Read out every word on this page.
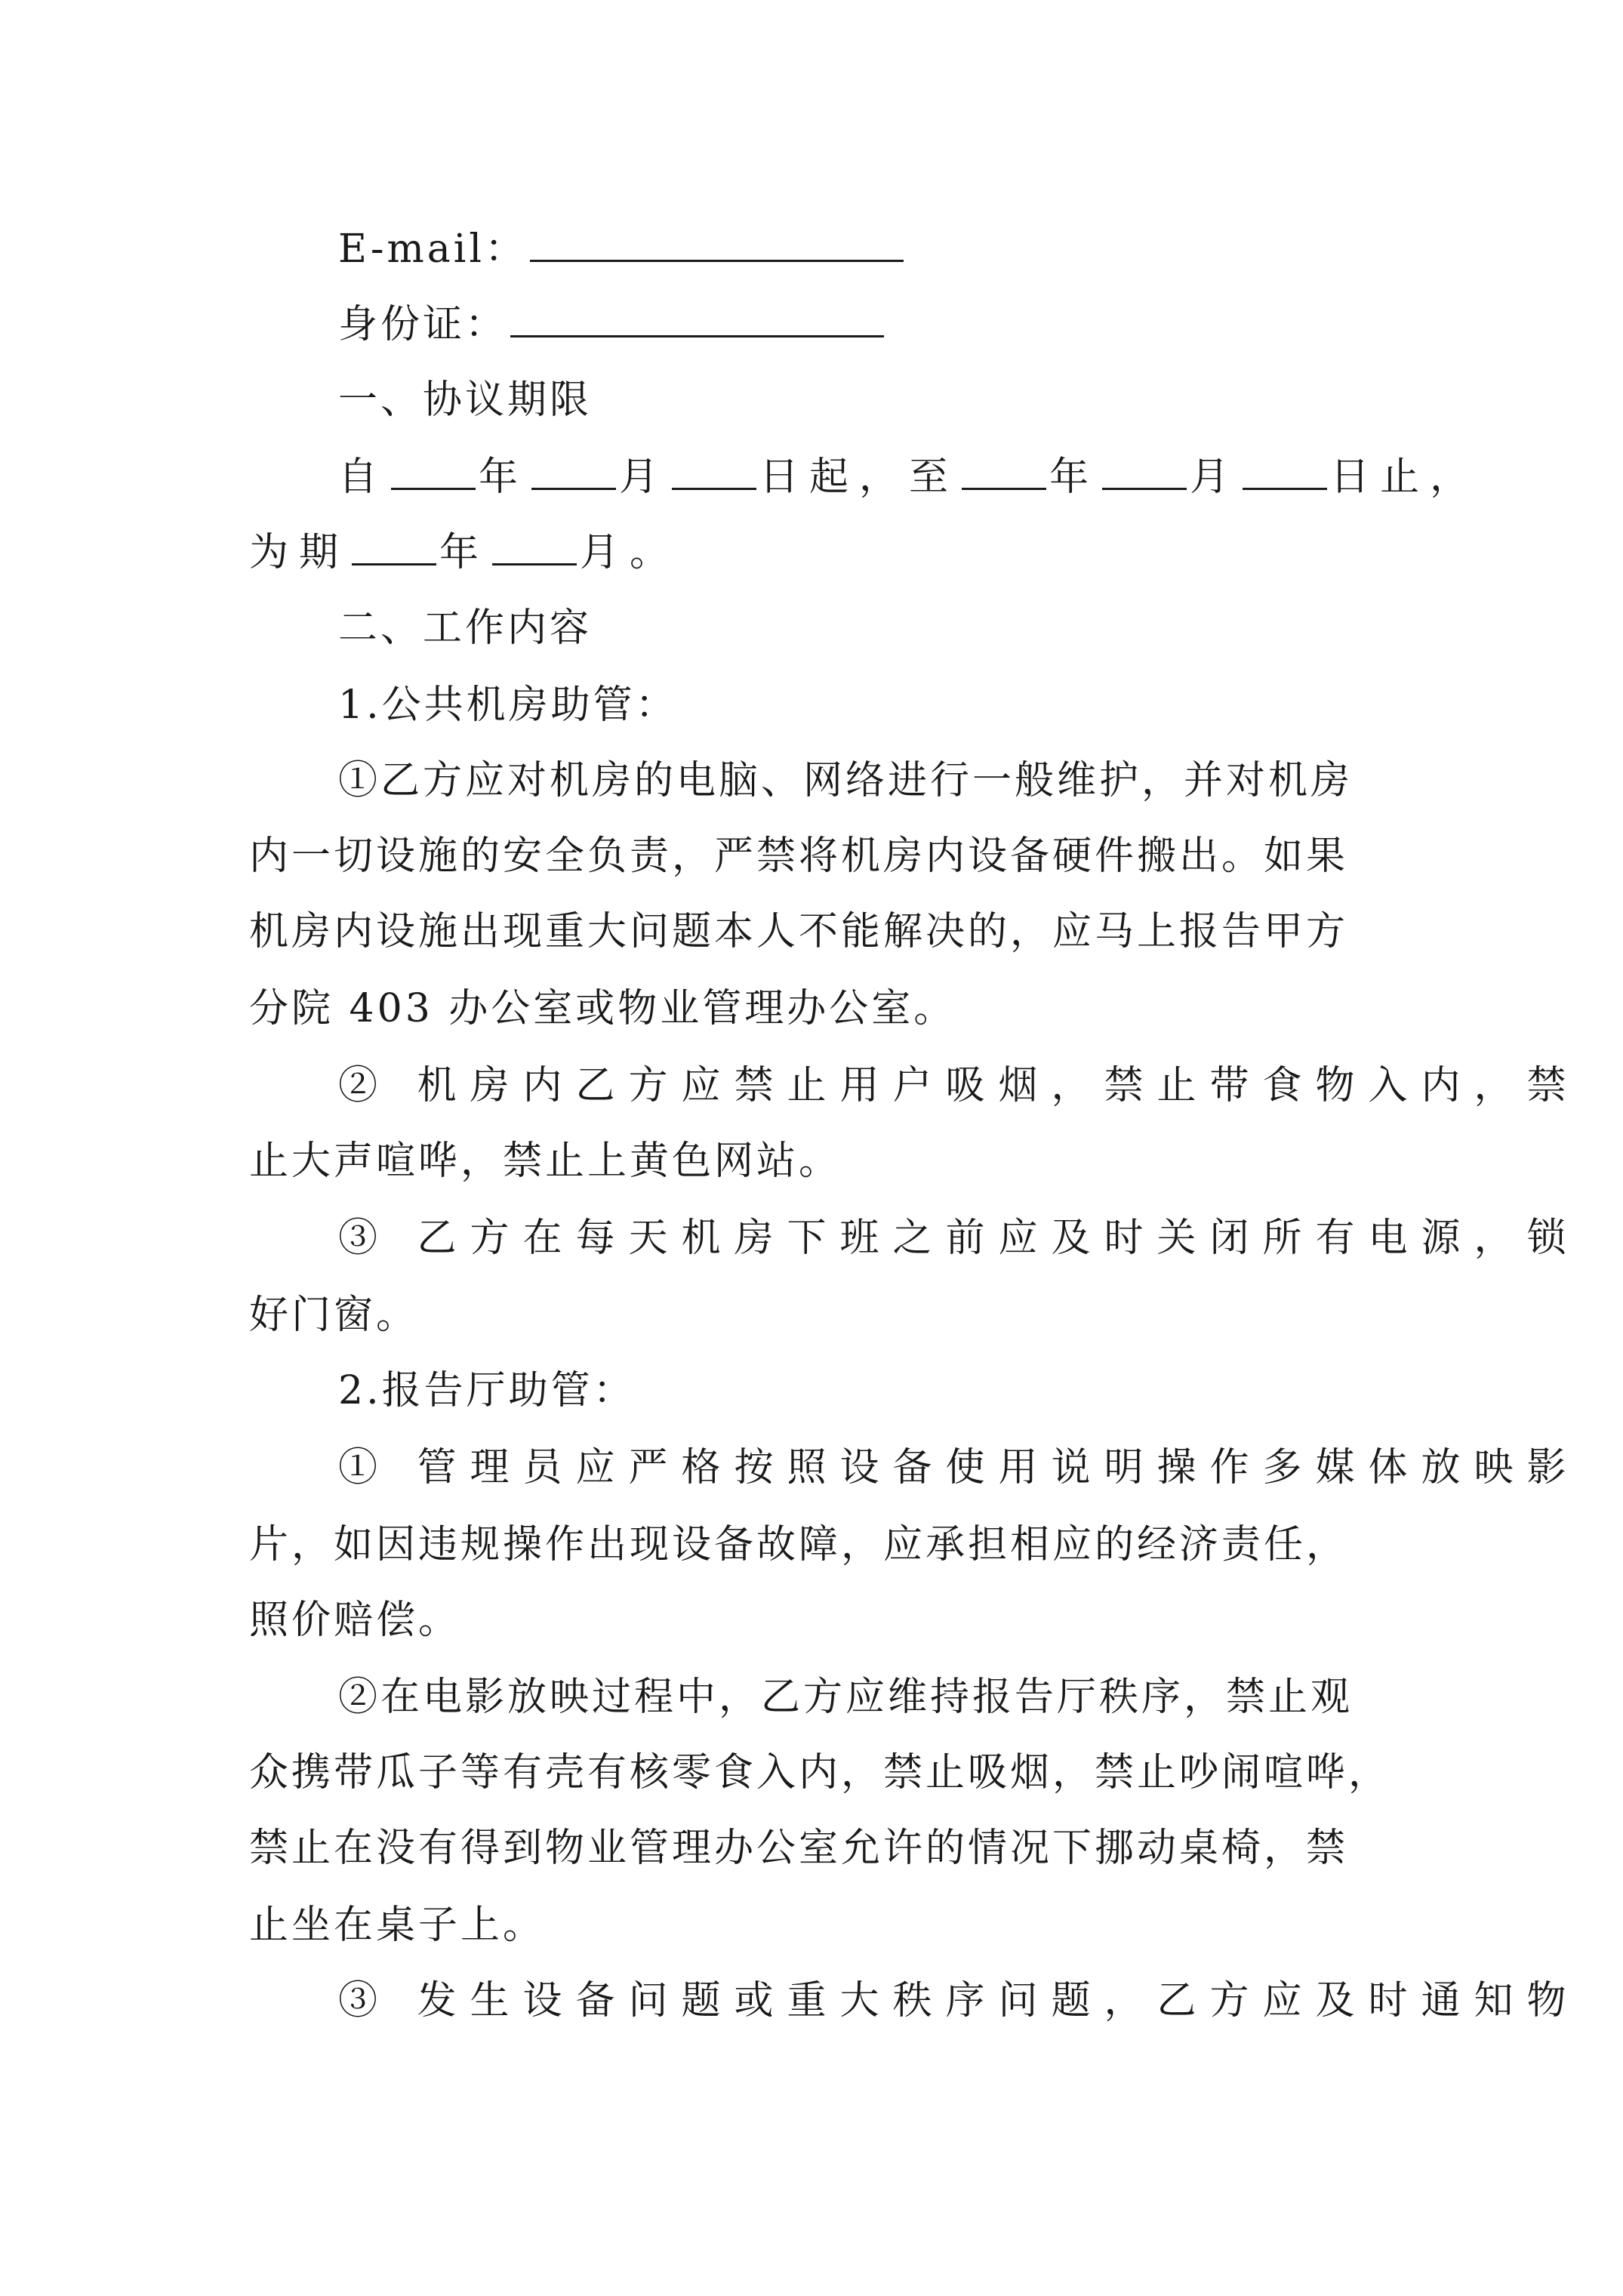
E-mail：
身份证：
一、协议期限
自 年 月 日起，至 年 月 日止，
为期 年 月。
二、工作内容
1.公共机房助管：
①乙方应对机房的电脑、网络进行一般维护，并对机房
内一切设施的安全负责，严禁将机房内设备硬件搬出。如果
机房内设施出现重大问题本人不能解决的，应马上报告甲方
分院 403 办公室或物业管理办公室。
② 机房内乙方应禁止用户吸烟，禁止带食物入内，禁
止大声喧哗，禁止上黄色网站。
③ 乙方在每天机房下班之前应及时关闭所有电源，锁
好门窗。
2.报告厅助管：
① 管理员应严格按照设备使用说明操作多媒体放映影
片，如因违规操作出现设备故障，应承担相应的经济责任，
照价赔偿。
②在电影放映过程中，乙方应维持报告厅秩序，禁止观
众携带瓜子等有壳有核零食入内，禁止吸烟，禁止吵闹喧哗，
禁止在没有得到物业管理办公室允许的情况下挪动桌椅，禁
止坐在桌子上。
③ 发生设备问题或重大秩序问题，乙方应及时通知物
